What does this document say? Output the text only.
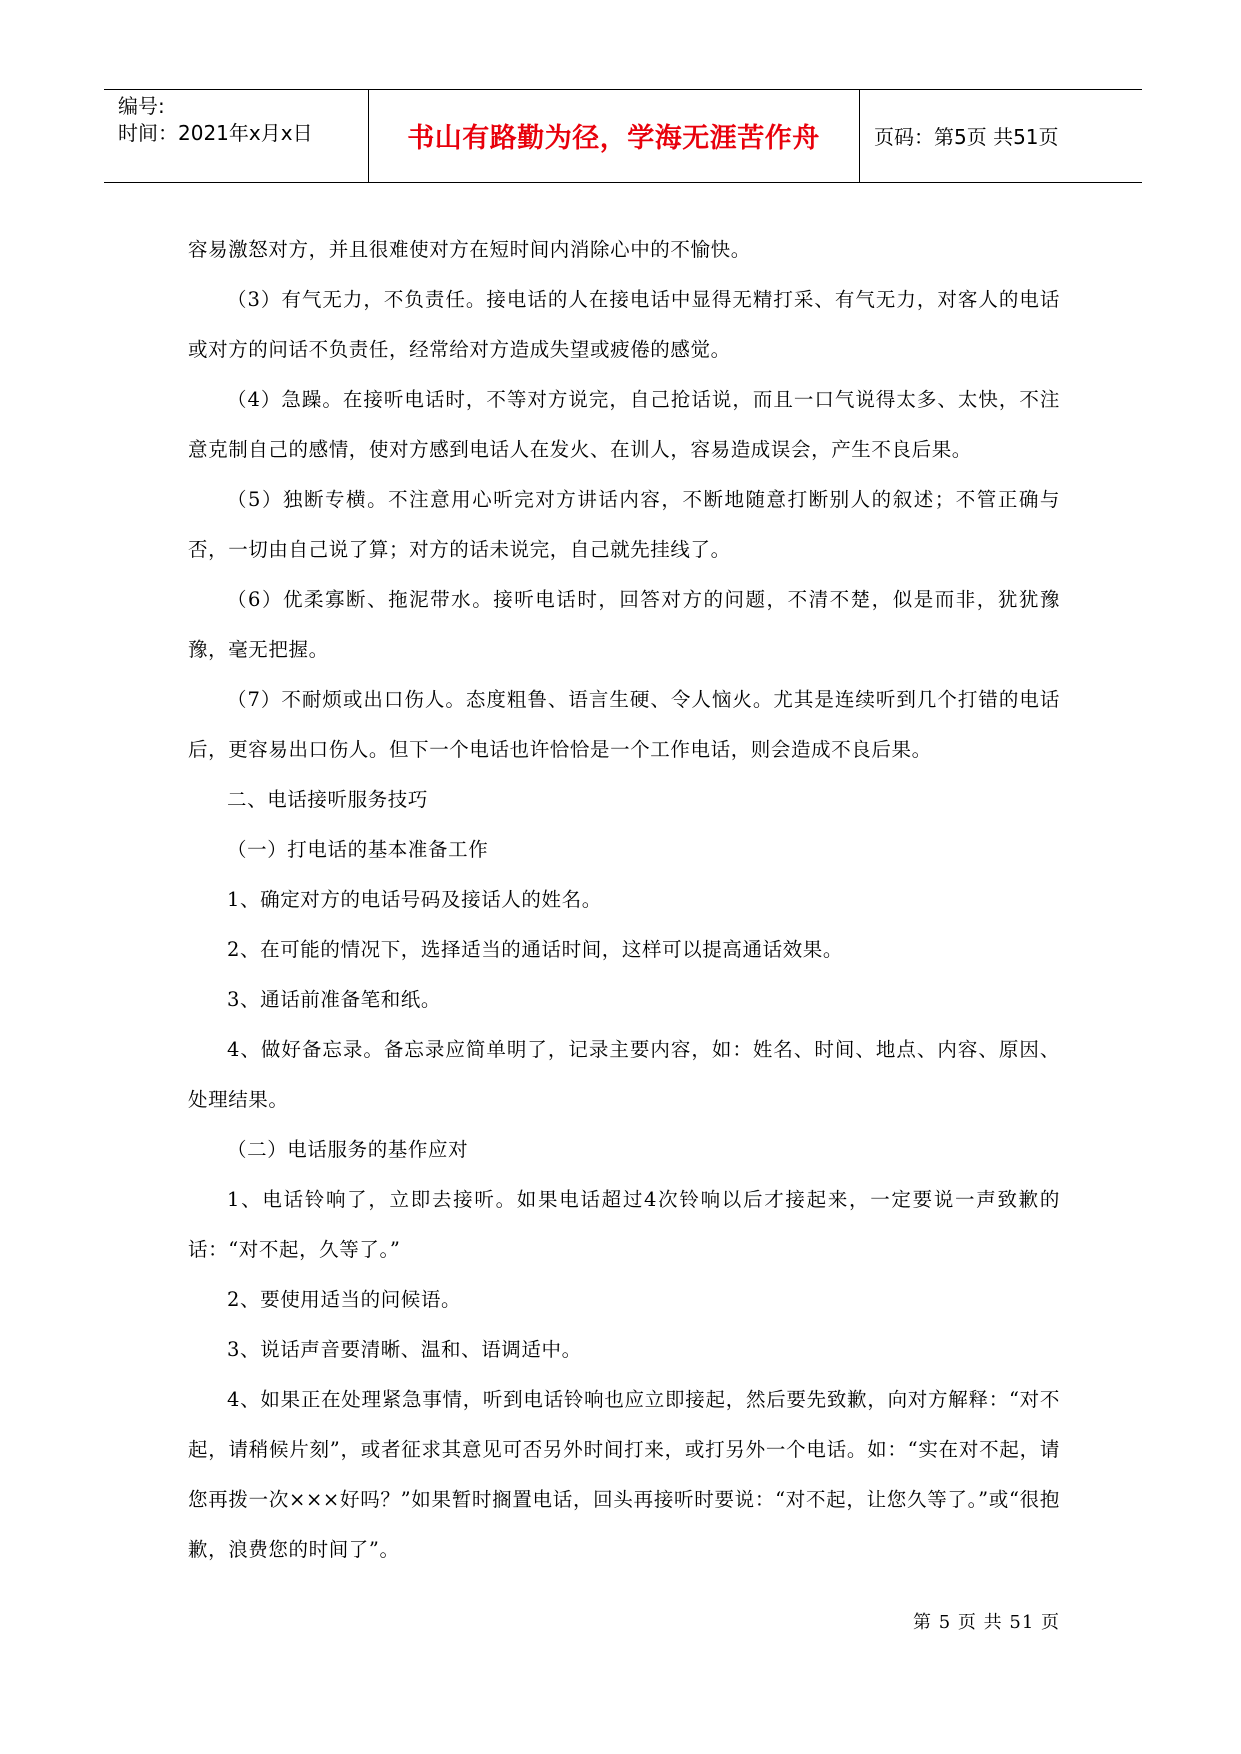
编号:
时间：2021年x月x日	书山有路勤为径，学海无涯苦作舟	页码：第5页 共51页

容易激怒对方，并且很难使对方在短时间内消除心中的不愉快。

（3）有气无力，不负责任。接电话的人在接电话中显得无精打采、有气无力，对客人的电话或对方的问话不负责任，经常给对方造成失望或疲倦的感觉。

（4）急躁。在接听电话时，不等对方说完，自己抢话说，而且一口气说得太多、太快，不注意克制自己的感情，使对方感到电话人在发火、在训人，容易造成误会，产生不良后果。

（5）独断专横。不注意用心听完对方讲话内容，不断地随意打断别人的叙述；不管正确与否，一切由自己说了算；对方的话未说完，自己就先挂线了。

（6）优柔寡断、拖泥带水。接听电话时，回答对方的问题，不清不楚，似是而非，犹犹豫豫，毫无把握。

（7）不耐烦或出口伤人。态度粗鲁、语言生硬、令人恼火。尤其是连续听到几个打错的电话后，更容易出口伤人。但下一个电话也许恰恰是一个工作电话，则会造成不良后果。

二、电话接听服务技巧

（一）打电话的基本准备工作

1、确定对方的电话号码及接话人的姓名。

2、在可能的情况下，选择适当的通话时间，这样可以提高通话效果。

3、通话前准备笔和纸。

4、做好备忘录。备忘录应简单明了，记录主要内容，如：姓名、时间、地点、内容、原因、处理结果。

（二）电话服务的基作应对

1、电话铃响了，立即去接听。如果电话超过4次铃响以后才接起来，一定要说一声致歉的话：“对不起，久等了。”

2、要使用适当的问候语。

3、说话声音要清晰、温和、语调适中。

4、如果正在处理紧急事情，听到电话铃响也应立即接起，然后要先致歉，向对方解释：“对不起，请稍候片刻”，或者征求其意见可否另外时间打来，或打另外一个电话。如：“实在对不起，请您再拨一次×××好吗？”如果暂时搁置电话，回头再接听时要说：“对不起，让您久等了。”或“很抱歉，浪费您的时间了”。

第 5 页 共 51 页
